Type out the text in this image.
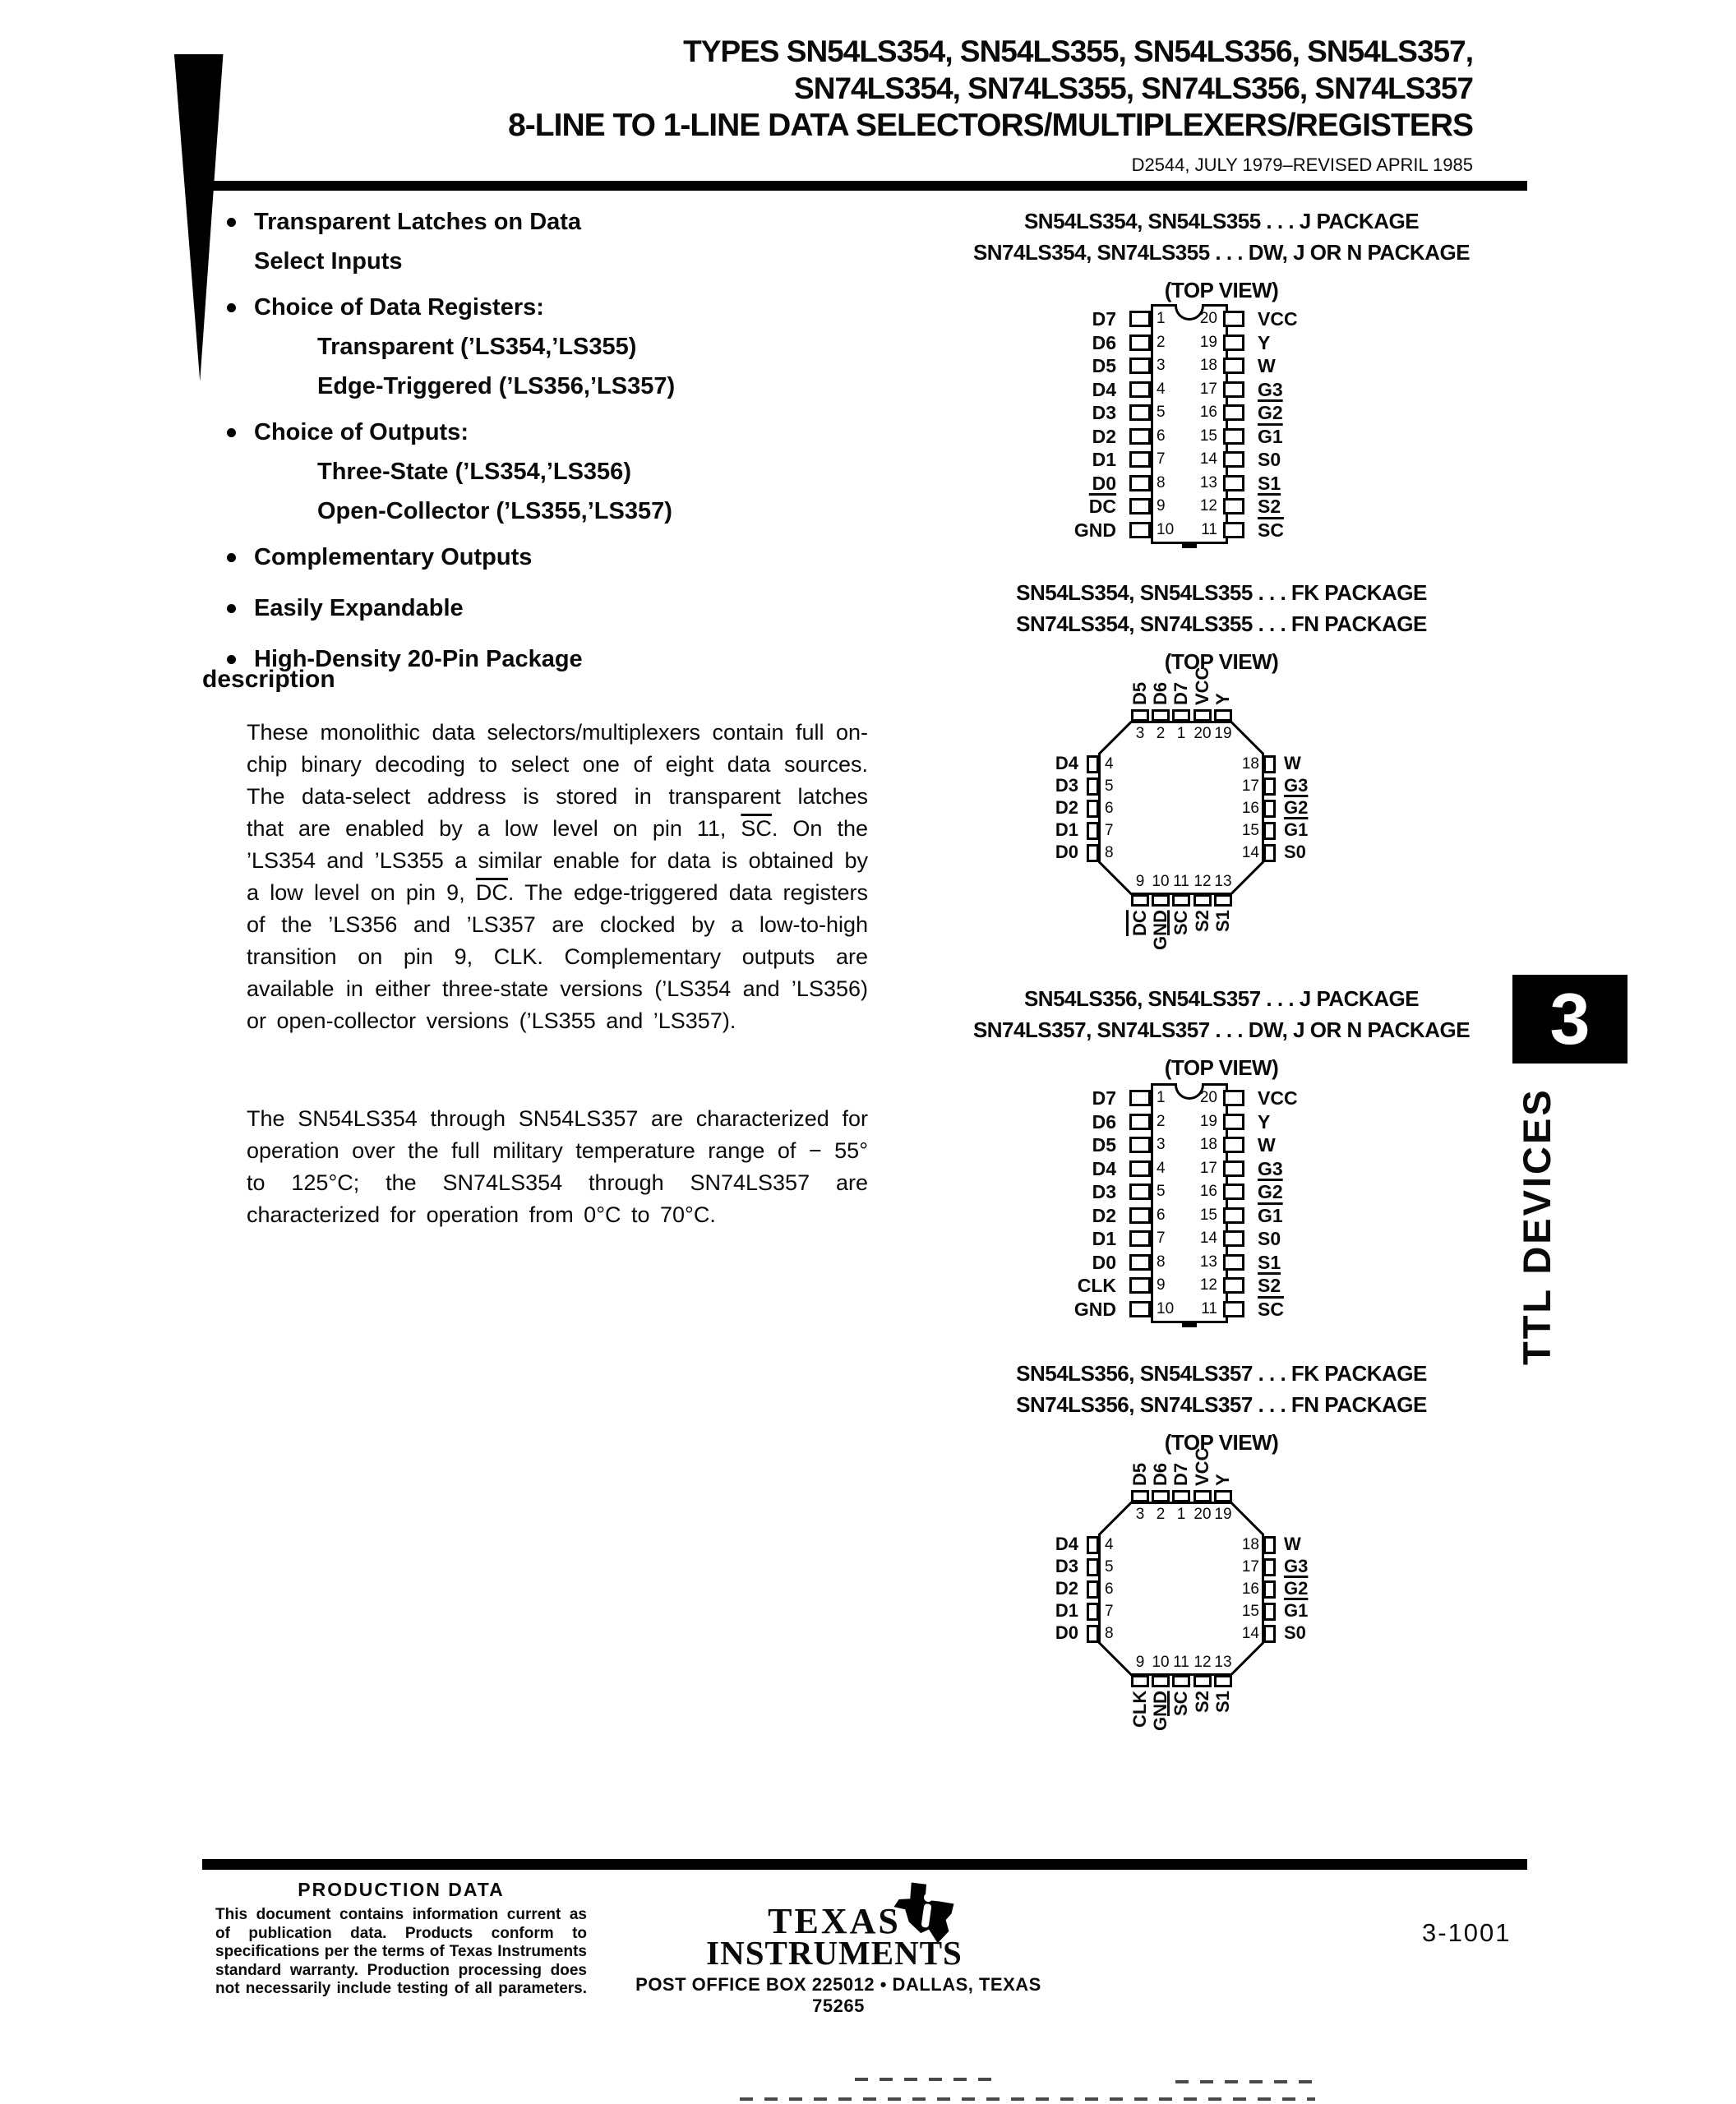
TYPES SN54LS354, SN54LS355, SN54LS356, SN54LS357,
SN74LS354, SN74LS355, SN74LS356, SN74LS357
8-LINE TO 1-LINE DATA SELECTORS/MULTIPLEXERS/REGISTERS
D2544, JULY 1979–REVISED APRIL 1985
Transparent Latches on Data
Select Inputs
Choice of Data Registers:
Transparent (’LS354,’LS355)
Edge-Triggered (’LS356,’LS357)
Choice of Outputs:
Three-State (’LS354,’LS356)
Open-Collector (’LS355,’LS357)
Complementary Outputs
Easily Expandable
High-Density 20-Pin Package
description
These monolithic data selectors/multiplexers contain full on-chip binary decoding to select one of eight data sources. The data-select address is stored in transparent latches that are enabled by a low level on pin 11, $\overline{SC}$. On the ’LS354 and ’LS355 a similar enable for data is obtained by a low level on pin 9, $\overline{DC}$. The edge-triggered data registers of the ’LS356 and ’LS357 are clocked by a low-to-high transition on pin 9, CLK. Complementary outputs are available in either three-state versions (’LS354 and ’LS356) or open-collector versions (’LS355 and ’LS357).
The SN54LS354 through SN54LS357 are characterized for operation over the full military temperature range of − 55° to 125°C; the SN74LS354 through SN74LS357 are characterized for operation from 0°C to 70°C.
SN54LS354, SN54LS355 . . . J PACKAGE
SN74LS354, SN74LS355 . . . DW, J OR N PACKAGE
(TOP VIEW)
D7	1	20	VCC
D6	2	19	Y
D5	3	18	W
D4	4	17	G3
D3	5	16	G2
D2	6	15	G1
D1	7	14	S0
D0	8	13	S1
$\overline{DC}$	9	12	S2
GND	10	11	$\overline{SC}$
SN54LS354, SN54LS355 . . . FK PACKAGE
SN74LS354, SN74LS355 . . . FN PACKAGE
(TOP VIEW)
3 2 1 20 19
D5 D6 D7 VCC Y
4
5
6
7
8
D4
D3
D2
D1
D0
18
17
16
15
14
W
G3
G2
G1
S0
9 10 11 12 13
DC GND SC S2 S1
SN54LS356, SN54LS357 . . . J PACKAGE
SN74LS357, SN74LS357 . . . DW, J OR N PACKAGE
(TOP VIEW)
D7	1	20	VCC
D6	2	19	Y
D5	3	18	W
D4	4	17	G3
D3	5	16	G2
D2	6	15	G1
D1	7	14	S0
D0	8	13	S1
CLK	9	12	S2
GND	10	11	$\overline{SC}$
SN54LS356, SN54LS357 . . . FK PACKAGE
SN74LS356, SN74LS357 . . . FN PACKAGE
(TOP VIEW)
3 2 1 20 19
D5 D6 D7 VCC Y
4
5
6
7
8
D4
D3
D2
D1
D0
18
17
16
15
14
W
G3
G2
G1
S0
9 10 11 12 13
CLK GND SC S2 S1
3
TTL DEVICES
PRODUCTION DATA
This document contains information current as
of publication data. Products conform to
specifications per the terms of Texas Instruments
standard warranty. Production processing does
not necessarily include testing of all parameters.
TEXAS
INSTRUMENTS
POST OFFICE BOX 225012 • DALLAS, TEXAS 75265
3-1001
